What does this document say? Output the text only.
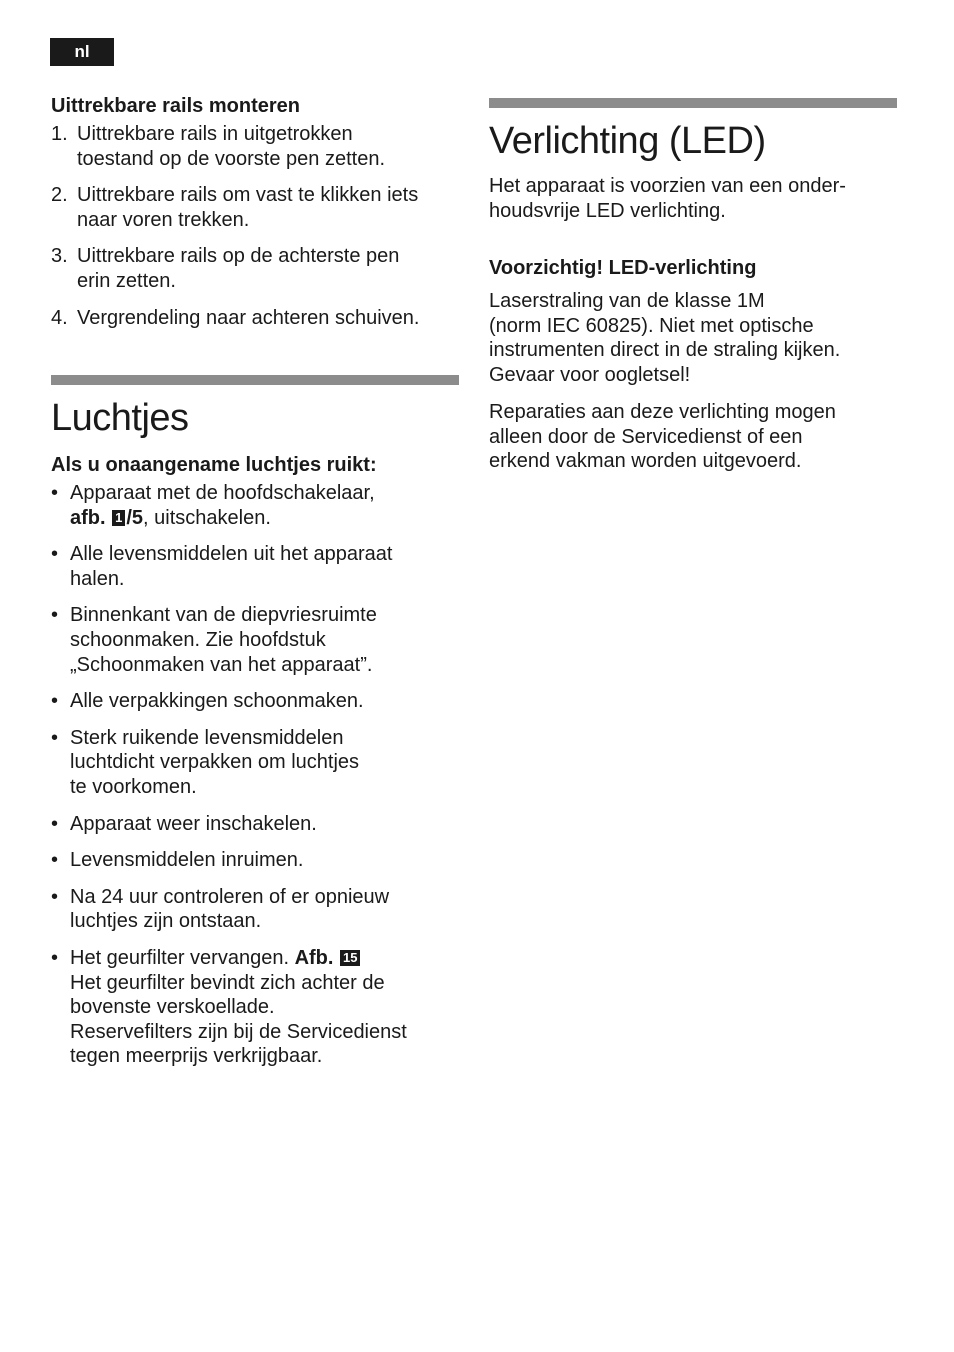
nl
Uittrekbare rails monteren
1. Uittrekbare rails in uitgetrokken
toestand op de voorste pen zetten.
2. Uittrekbare rails om vast te klikken iets
naar voren trekken.
3. Uittrekbare rails op de achterste pen
erin zetten.
4. Vergrendeling naar achteren schuiven.
Luchtjes
Als u onaangename luchtjes ruikt:
• Apparaat met de hoofdschakelaar,
afb. 1 /5, uitschakelen.
• Alle levensmiddelen uit het apparaat
halen.
• Binnenkant van de diepvriesruimte
schoonmaken. Zie hoofdstuk
„Schoonmaken van het apparaat”.
• Alle verpakkingen schoonmaken.
• Sterk ruikende levensmiddelen
luchtdicht verpakken om luchtjes
te voorkomen.
• Apparaat weer inschakelen.
• Levensmiddelen inruimen.
• Na 24 uur controleren of er opnieuw
luchtjes zijn ontstaan.
• Het geurfilter vervangen. Afb. 15
Het geurfilter bevindt zich achter de
bovenste verskoellade.
Reservefilters zijn bij de Servicedienst
tegen meerprijs verkrijgbaar.
Verlichting (LED)
Het apparaat is voorzien van een onder-
houdsvrije LED verlichting.
Voorzichtig! LED-verlichting
Laserstraling van de klasse 1M
(norm IEC 60825). Niet met optische
instrumenten direct in de straling kijken.
Gevaar voor oogletsel!
Reparaties aan deze verlichting mogen
alleen door de Servicedienst of een
erkend vakman worden uitgevoerd.
